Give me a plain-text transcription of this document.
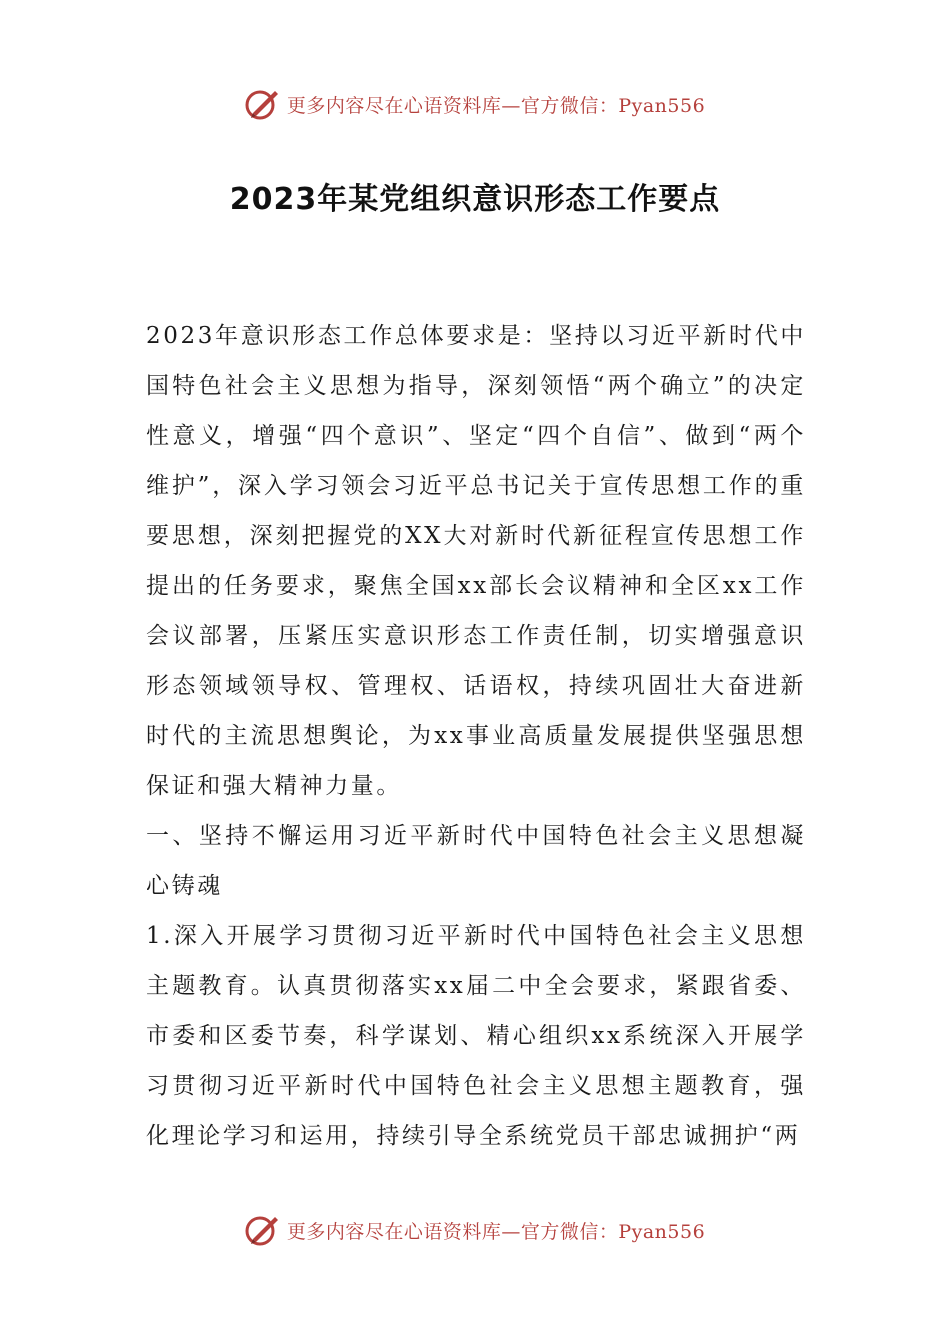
更多内容尽在心语资料库—官方微信：Pyan556
2023年某党组织意识形态工作要点

2023年意识形态工作总体要求是：坚持以习近平新时代中国特色社会主义思想为指导，深刻领悟“两个确立”的决定性意义，增强“四个意识”、坚定“四个自信”、做到“两个维护”，深入学习领会习近平总书记关于宣传思想工作的重要思想，深刻把握党的XX大对新时代新征程宣传思想工作提出的任务要求，聚焦全国xx部长会议精神和全区xx工作会议部署，压紧压实意识形态工作责任制，切实增强意识形态领域领导权、管理权、话语权，持续巩固壮大奋进新时代的主流思想舆论，为xx事业高质量发展提供坚强思想保证和强大精神力量。

一、坚持不懈运用习近平新时代中国特色社会主义思想凝心铸魂

1.深入开展学习贯彻习近平新时代中国特色社会主义思想主题教育。认真贯彻落实xx届二中全会要求，紧跟省委、市委和区委节奏，科学谋划、精心组织xx系统深入开展学习贯彻习近平新时代中国特色社会主义思想主题教育，强化理论学习和运用，持续引导全系统党员干部忠诚拥护“两

更多内容尽在心语资料库—官方微信：Pyan556
